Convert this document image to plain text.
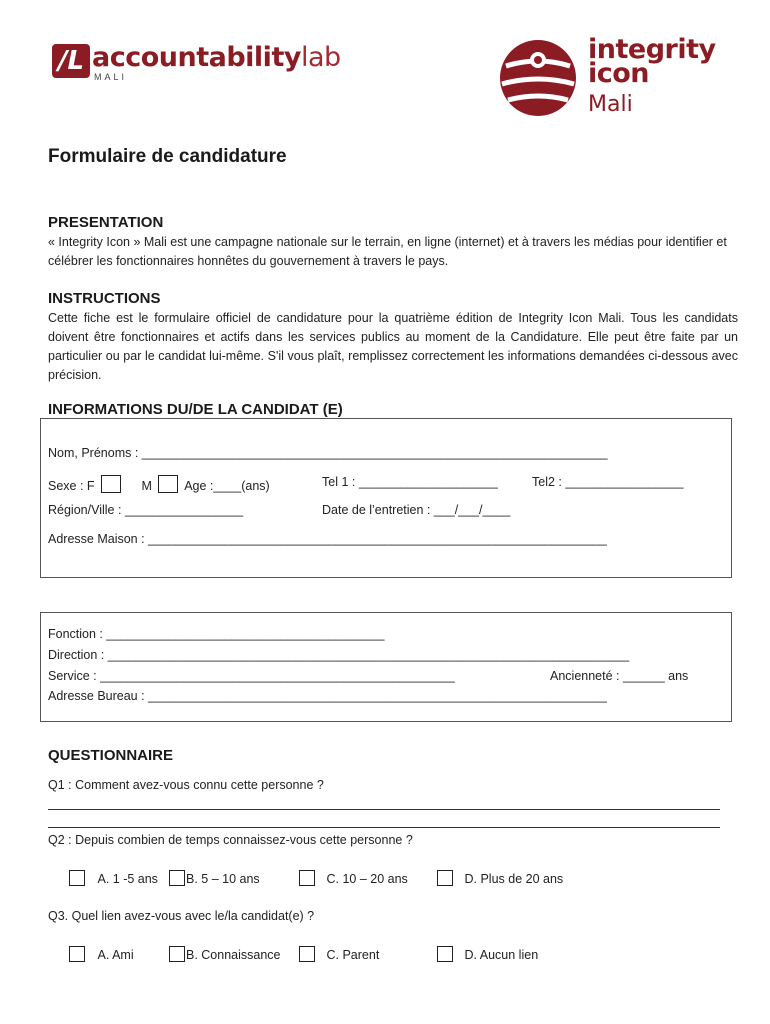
/L accountabilitylab
MALI
integrity
icon
Mali
Formulaire de candidature
PRESENTATION
« Integrity Icon » Mali est une campagne nationale sur le terrain, en ligne (internet) et à travers les médias pour identifier et célébrer les fonctionnaires honnêtes du gouvernement à travers le pays.
INSTRUCTIONS
Cette fiche est le formulaire officiel de candidature pour la quatrième édition de Integrity Icon Mali. Tous les candidats doivent être fonctionnaires et actifs dans les services publics au moment de la Candidature. Elle peut être faite par un particulier ou par le candidat lui-même. S'il vous plaît, remplissez correctement les informations demandées ci-dessous avec précision.
INFORMATIONS DU/DE LA CANDIDAT (E)
Nom, Prénoms : ___________________________________________________________________
Sexe : F	M	Age :____(ans)	Tel 1 : ____________________	Tel2 : _________________
Région/Ville : _________________	Date de l’entretien : ___/___/____
Adresse Maison : __________________________________________________________________
Fonction : ________________________________________
Direction : ___________________________________________________________________________
Service : ___________________________________________________	Ancienneté : ______ ans
Adresse Bureau : __________________________________________________________________
QUESTIONNAIRE
Q1 : Comment avez-vous connu cette personne ?
Q2 : Depuis combien de temps connaissez-vous cette personne ?
A. 1 -5 ans	B. 5 – 10 ans	C. 10 – 20 ans	D. Plus de 20 ans
Q3. Quel lien avez-vous avec le/la candidat(e) ?
A. Ami	B. Connaissance	C. Parent	D. Aucun lien
